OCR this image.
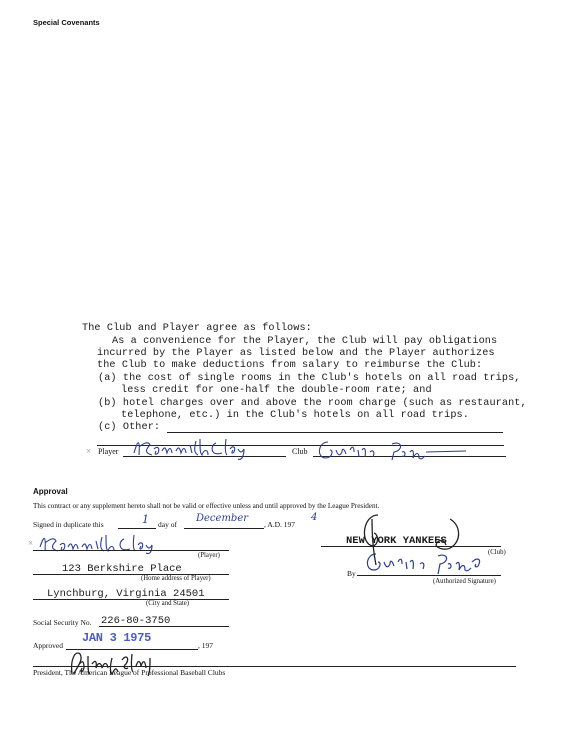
Special Covenants
The Club and Player agree as follows:
As a convenience for the Player, the Club will pay obligations
incurred by the Player as listed below and the Player authorizes
the Club to make deductions from salary to reimburse the Club:
(a) the cost of single rooms in the Club's hotels on all road trips,
less credit for one-half the double-room rate; and
(b) hotel charges over and above the room charge (such as restaurant,
telephone, etc.) in the Club's hotels on all road trips.
(c) Other:
× Player	Club
Approval
This contract or any supplement hereto shall not be valid or effective unless and until approved by the League President.
Signed in duplicate this	1 day of
December
, A.D. 197
4
×
(Player)
123 Berkshire Place
(Home address of Player)
Lynchburg, Virginia 24501
(City and State)
Social Security No. 226-80-3750
Approved	, 197
JAN 3 1975
President, The American League of Professional Baseball Clubs
NEW YORK YANKEES
(Club)
By
(Authorized Signature)
